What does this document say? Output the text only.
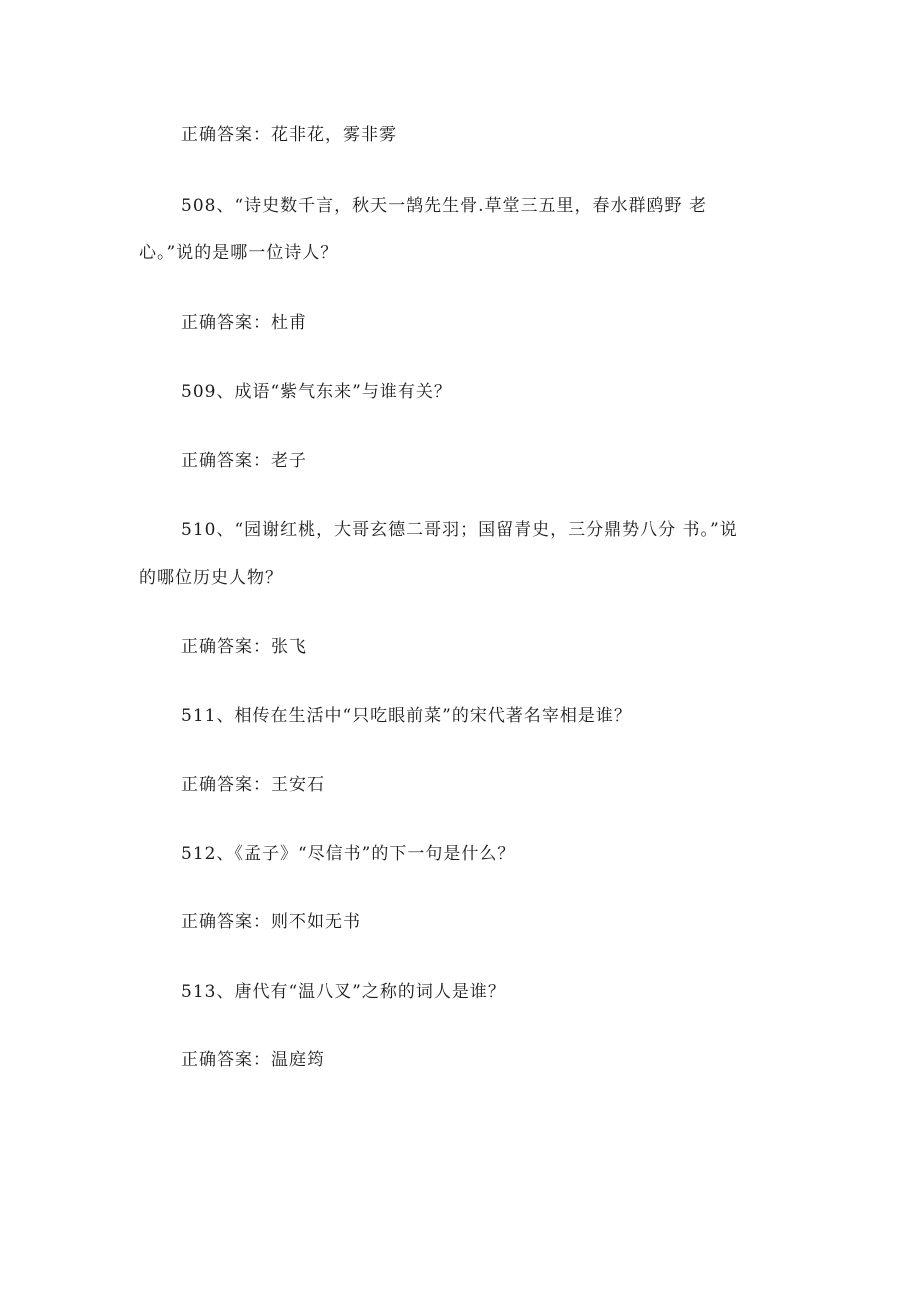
正确答案：花非花，雾非雾
508、“诗史数千言，秋天一鹄先生骨.草堂三五里，春水群鸥野 老
心。”说的是哪一位诗人？
正确答案：杜甫
509、成语“紫气东来”与谁有关？
正确答案：老子
510、“园谢红桃，大哥玄德二哥羽；国留青史，三分鼎势八分 书。”说
的哪位历史人物？
正确答案：张飞
511、相传在生活中“只吃眼前菜”的宋代著名宰相是谁？
正确答案：王安石
512、《孟子》“尽信书”的下一句是什么？
正确答案：则不如无书
513、唐代有“温八叉”之称的词人是谁？
正确答案：温庭筠
